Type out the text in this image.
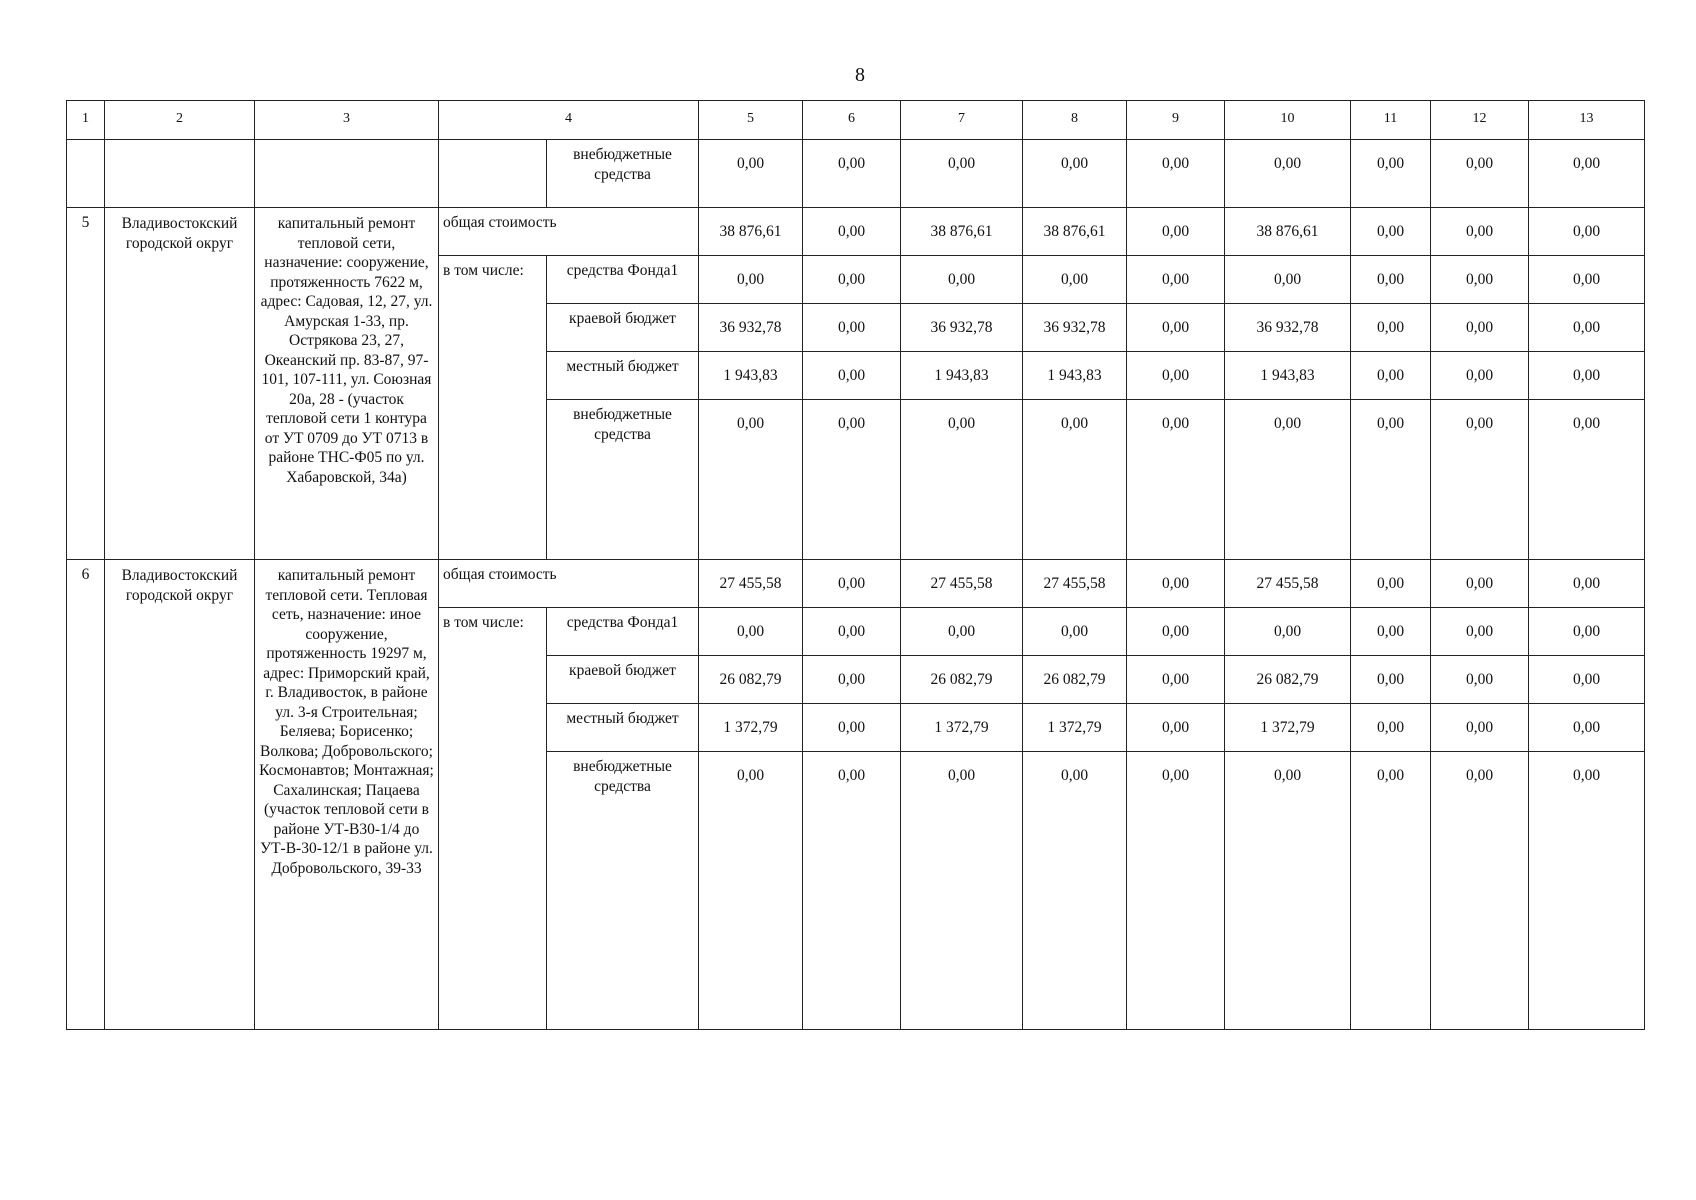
8
1	2	3	4		5	6	7	8	9	10	11	12	13
				внебюджетные средства	0,00	0,00	0,00	0,00	0,00	0,00	0,00	0,00	0,00
5	Владивостокский городской округ	капитальный ремонт тепловой сети, назначение: сооружение, протяженность 7622 м, адрес: Садовая, 12, 27, ул. Амурская 1-33, пр. Острякова 23, 27, Океанский пр. 83-87, 97-101, 107-111, ул. Союзная 20а, 28 - (участок тепловой сети 1 контура от УТ 0709 до УТ 0713 в районе ТНС-Ф05 по ул. Хабаровской, 34а)	общая стоимость		38 876,61	0,00	38 876,61	38 876,61	0,00	38 876,61	0,00	0,00	0,00
			в том числе:	средства Фонда1	0,00	0,00	0,00	0,00	0,00	0,00	0,00	0,00	0,00
				краевой бюджет	36 932,78	0,00	36 932,78	36 932,78	0,00	36 932,78	0,00	0,00	0,00
				местный бюджет	1 943,83	0,00	1 943,83	1 943,83	0,00	1 943,83	0,00	0,00	0,00
				внебюджетные средства	0,00	0,00	0,00	0,00	0,00	0,00	0,00	0,00	0,00
6	Владивостокский городской округ	капитальный ремонт тепловой сети. Тепловая сеть, назначение: иное сооружение, протяженность 19297 м, адрес: Приморский край, г. Владивосток, в районе ул. 3-я Строительная; Беляева; Борисенко; Волкова; Добровольского; Космонавтов; Монтажная; Сахалинская; Пацаева (участок тепловой сети в районе УТ-В30-1/4 до УТ-В-30-12/1 в районе ул. Добровольского, 39-33	общая стоимость		27 455,58	0,00	27 455,58	27 455,58	0,00	27 455,58	0,00	0,00	0,00
			в том числе:	средства Фонда1	0,00	0,00	0,00	0,00	0,00	0,00	0,00	0,00	0,00
				краевой бюджет	26 082,79	0,00	26 082,79	26 082,79	0,00	26 082,79	0,00	0,00	0,00
				местный бюджет	1 372,79	0,00	1 372,79	1 372,79	0,00	1 372,79	0,00	0,00	0,00
				внебюджетные средства	0,00	0,00	0,00	0,00	0,00	0,00	0,00	0,00	0,00
